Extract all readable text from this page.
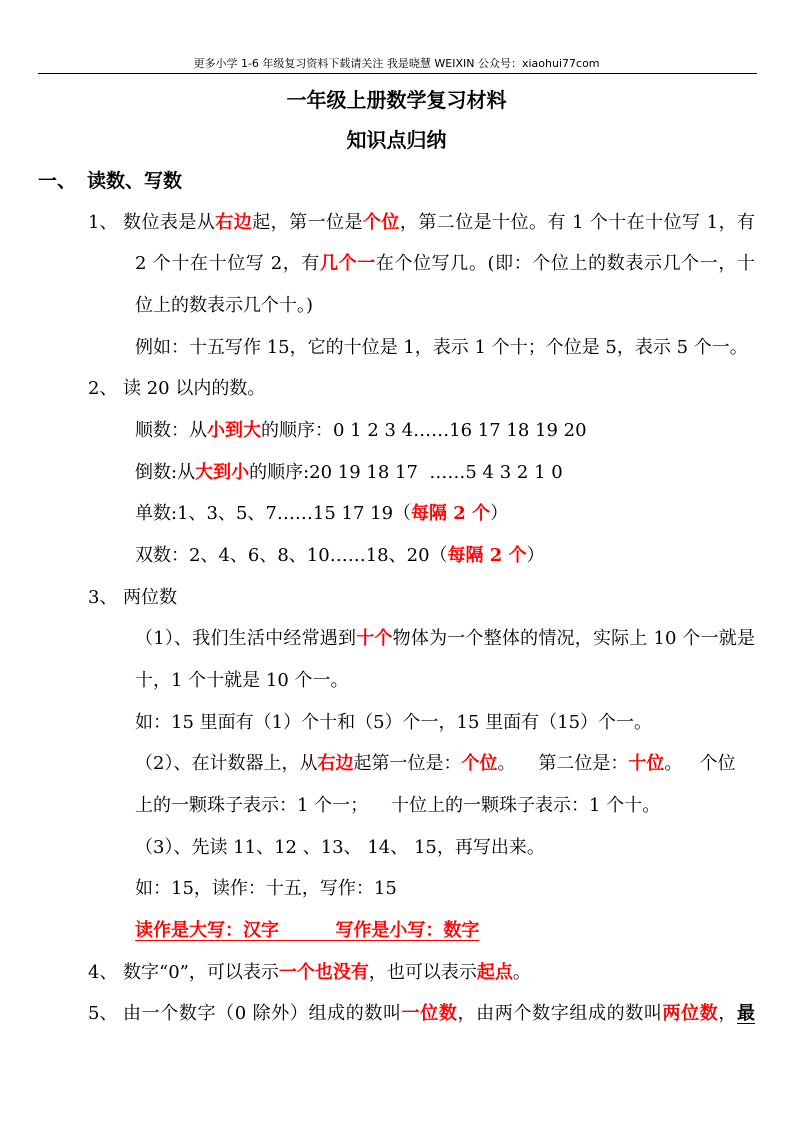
更多小学 1-6 年级复习资料下载请关注 我是晓慧 WEIXIN 公众号：xiaohui77com
一年级上册数学复习材料
知识点归纳
一、 读数、写数
1、 数位表是从右边起，第一位是个位，第二位是十位。有 1 个十在十位写 1，有
2 个十在十位写 2，有几个一在个位写几。(即：个位上的数表示几个一，十
位上的数表示几个十。)
例如：十五写作 15，它的十位是 1，表示 1 个十；个位是 5，表示 5 个一。
2、 读 20 以内的数。
顺数：从小到大的顺序：0 1 2 3 4……16 17 18 19 20
倒数:从大到小的顺序:20 19 18 17  ……5 4 3 2 1 0
单数:1、3、5、7……15 17 19（每隔 2 个）
双数：2、4、6、8、10……18、20（每隔 2 个）
3、 两位数
（1）、我们生活中经常遇到十个物体为一个整体的情况，实际上 10 个一就是
十，1 个十就是 10 个一。
如：15 里面有（1）个十和（5）个一，15 里面有（15）个一。
（2）、在计数器上，从右边起第一位是：个位。    第二位是：十位。   个位
上的一颗珠子表示：1 个一；    十位上的一颗珠子表示：1 个十。
（3）、先读 11、12 、13、 14、 15，再写出来。
如：15，读作：十五，写作：15
读作是大写：汉字         写作是小写：数字
4、 数字“0”，可以表示一个也没有，也可以表示起点。
5、 由一个数字（0 除外）组成的数叫一位数，由两个数字组成的数叫两位数，最
